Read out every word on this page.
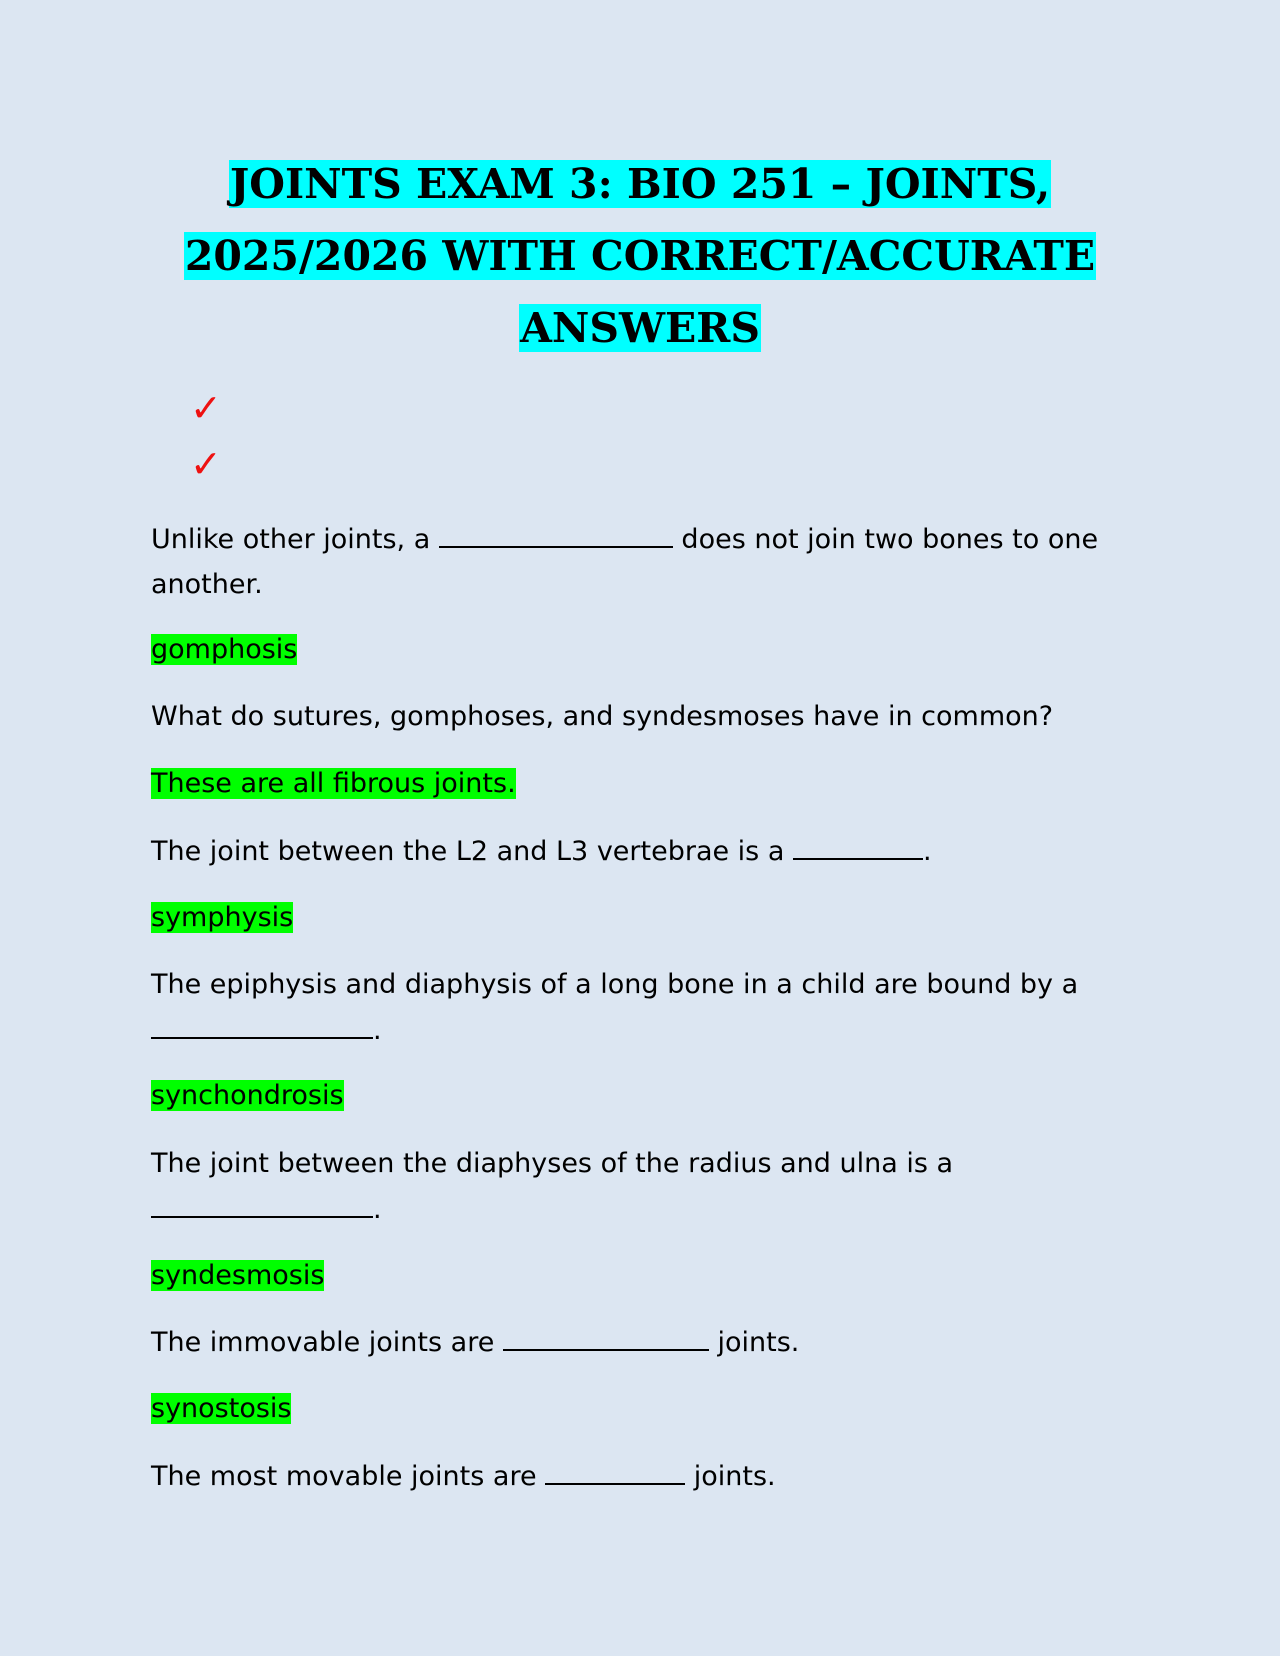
JOINTS EXAM 3: BIO 251 – JOINTS,
2025/2026 WITH CORRECT/ACCURATE
ANSWERS
✓
✓
Unlike other joints, a	does not join two bones to one another.
gomphosis
What do sutures, gomphoses, and syndesmoses have in common?
These are all fibrous joints.
The joint between the L2 and L3 vertebrae is a	.
symphysis
The epiphysis and diaphysis of a long bone in a child are bound by a .
synchondrosis
The joint between the diaphyses of the radius and ulna is a .
syndesmosis
The immovable joints are	joints.
synostosis
The most movable joints are	joints.
